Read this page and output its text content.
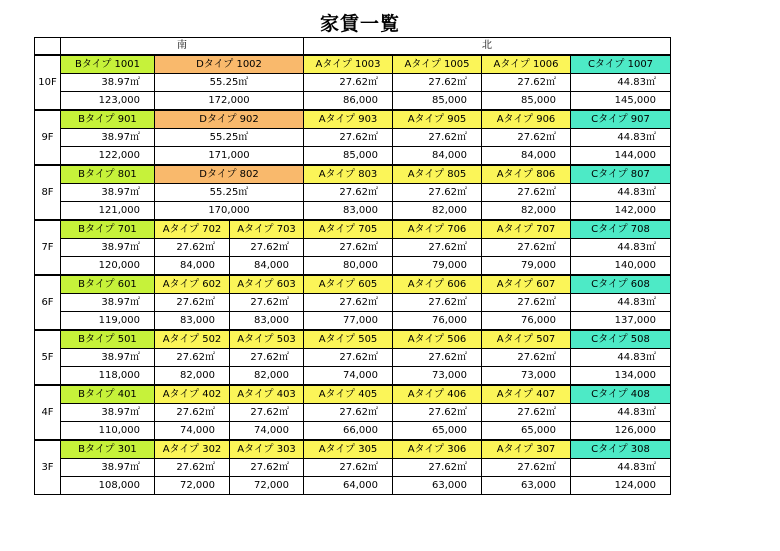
家賃一覧
	南			北			
10F	Bタイプ 1001	Dタイプ 1002		Aタイプ 1003	Aタイプ 1005	Aタイプ 1006	Cタイプ 1007
	38.97㎡	55.25㎡		27.62㎡	27.62㎡	27.62㎡	44.83㎡
	123,000	172,000		86,000	85,000	85,000	145,000
9F	Bタイプ 901	Dタイプ 902		Aタイプ 903	Aタイプ 905	Aタイプ 906	Cタイプ 907
	38.97㎡	55.25㎡		27.62㎡	27.62㎡	27.62㎡	44.83㎡
	122,000	171,000		85,000	84,000	84,000	144,000
8F	Bタイプ 801	Dタイプ 802		Aタイプ 803	Aタイプ 805	Aタイプ 806	Cタイプ 807
	38.97㎡	55.25㎡		27.62㎡	27.62㎡	27.62㎡	44.83㎡
	121,000	170,000		83,000	82,000	82,000	142,000
7F	Bタイプ 701	Aタイプ 702	Aタイプ 703	Aタイプ 705	Aタイプ 706	Aタイプ 707	Cタイプ 708
	38.97㎡	27.62㎡	27.62㎡	27.62㎡	27.62㎡	27.62㎡	44.83㎡
	120,000	84,000	84,000	80,000	79,000	79,000	140,000
6F	Bタイプ 601	Aタイプ 602	Aタイプ 603	Aタイプ 605	Aタイプ 606	Aタイプ 607	Cタイプ 608
	38.97㎡	27.62㎡	27.62㎡	27.62㎡	27.62㎡	27.62㎡	44.83㎡
	119,000	83,000	83,000	77,000	76,000	76,000	137,000
5F	Bタイプ 501	Aタイプ 502	Aタイプ 503	Aタイプ 505	Aタイプ 506	Aタイプ 507	Cタイプ 508
	38.97㎡	27.62㎡	27.62㎡	27.62㎡	27.62㎡	27.62㎡	44.83㎡
	118,000	82,000	82,000	74,000	73,000	73,000	134,000
4F	Bタイプ 401	Aタイプ 402	Aタイプ 403	Aタイプ 405	Aタイプ 406	Aタイプ 407	Cタイプ 408
	38.97㎡	27.62㎡	27.62㎡	27.62㎡	27.62㎡	27.62㎡	44.83㎡
	110,000	74,000	74,000	66,000	65,000	65,000	126,000
3F	Bタイプ 301	Aタイプ 302	Aタイプ 303	Aタイプ 305	Aタイプ 306	Aタイプ 307	Cタイプ 308
	38.97㎡	27.62㎡	27.62㎡	27.62㎡	27.62㎡	27.62㎡	44.83㎡
	108,000	72,000	72,000	64,000	63,000	63,000	124,000
